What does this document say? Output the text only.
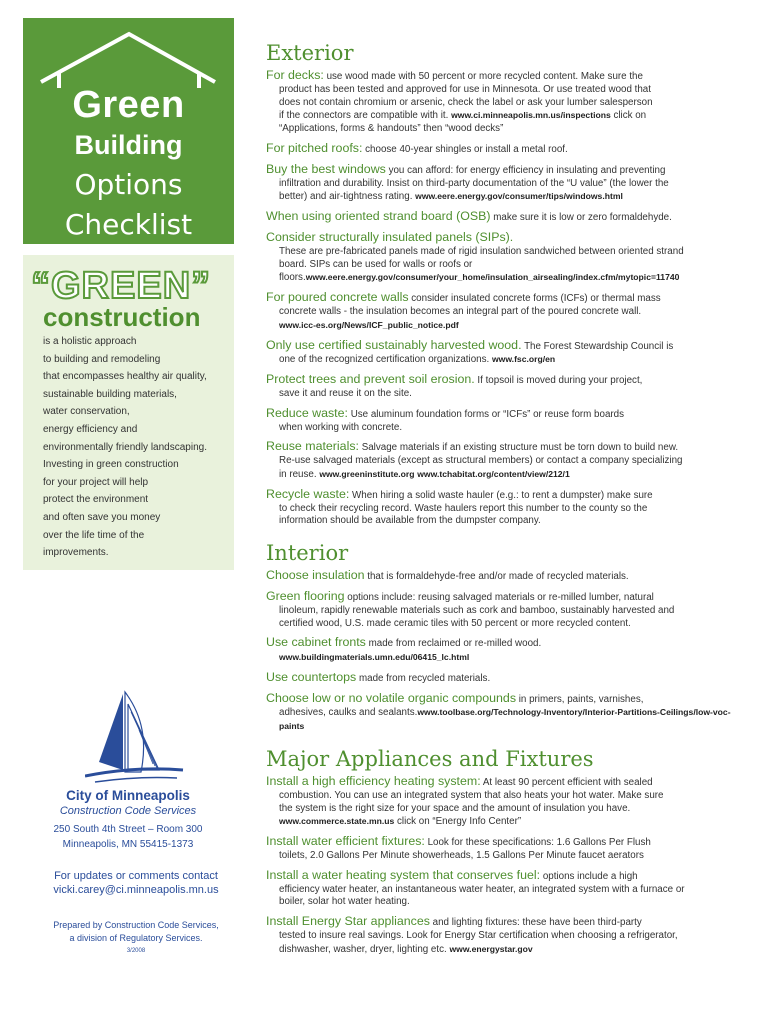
Green
Building
Options
Checklist
“GREEN”
construction
is a holistic approach
to building and remodeling
that encompasses healthy air quality,
sustainable building materials,
water conservation,
energy efficiency and
environmentally friendly landscaping.
Investing in green construction
for your project will help
protect the environment
and often save you money
over the life time of the
improvements.
City of Minneapolis
Construction Code Services
250 South 4th Street – Room 300
Minneapolis, MN 55415-1373
For updates or comments contact
vicki.carey@ci.minneapolis.mn.us
Prepared by Construction Code Services,
a division of Regulatory Services.
3/2008
Exterior
For decks: use wood made with 50 percent or more recycled content. Make sure the
product has been tested and approved for use in Minnesota. Or use treated wood that
does not contain chromium or arsenic, check the label or ask your lumber salesperson
if the connectors are compatible with it. www.ci.minneapolis.mn.us/inspections click on
“Applications, forms & handouts” then “wood decks”
For pitched roofs: choose 40-year shingles or install a metal roof.
Buy the best windows you can afford: for energy efficiency in insulating and preventing
infiltration and durability. Insist on third-party documentation of the “U value” (the lower the
better) and air-tightness rating. www.eere.energy.gov/consumer/tips/windows.html
When using oriented strand board (OSB) make sure it is low or zero formaldehyde.
Consider structurally insulated panels (SIPs).
These are pre-fabricated panels made of rigid insulation sandwiched between oriented strand
board. SIPs can be used for walls or roofs or floors.www.eere.energy.gov/consumer/your_home/insulation_airsealing/index.cfm/mytopic=11740
For poured concrete walls consider insulated concrete forms (ICFs) or thermal mass
concrete walls - the insulation becomes an integral part of the poured concrete wall.
www.icc-es.org/News/ICF_public_notice.pdf
Only use certified sustainably harvested wood. The Forest Stewardship Council is
one of the recognized certification organizations. www.fsc.org/en
Protect trees and prevent soil erosion. If topsoil is moved during your project,
save it and reuse it on the site.
Reduce waste: Use aluminum foundation forms or “ICFs” or reuse form boards
when working with concrete.
Reuse materials: Salvage materials if an existing structure must be torn down to build new.
Re-use salvaged materials (except as structural members) or contact a company specializing
in reuse. www.greeninstitute.org www.tchabitat.org/content/view/212/1
Recycle waste: When hiring a solid waste hauler (e.g.: to rent a dumpster) make sure
to check their recycling record. Waste haulers report this number to the county so the
information should be available from the dumpster company.
Interior
Choose insulation that is formaldehyde-free and/or made of recycled materials.
Green flooring options include: reusing salvaged materials or re-milled lumber, natural
linoleum, rapidly renewable materials such as cork and bamboo, sustainably harvested and
certified wood, U.S. made ceramic tiles with 50 percent or more recycled content.
Use cabinet fronts made from reclaimed or re-milled wood.
www.buildingmaterials.umn.edu/06415_lc.html
Use countertops made from recycled materials.
Choose low or no volatile organic compounds in primers, paints, varnishes,
adhesives, caulks and sealants.www.toolbase.org/Technology-Inventory/Interior-Partitions-Ceilings/low-voc-paints
Major Appliances and Fixtures
Install a high efficiency heating system: At least 90 percent efficient with sealed
combustion. You can use an integrated system that also heats your hot water. Make sure
the system is the right size for your space and the amount of insulation you have.
www.commerce.state.mn.us click on “Energy Info Center”
Install water efficient fixtures: Look for these specifications: 1.6 Gallons Per Flush
toilets, 2.0 Gallons Per Minute showerheads, 1.5 Gallons Per Minute faucet aerators
Install a water heating system that conserves fuel: options include a high
efficiency water heater, an instantaneous water heater, an integrated system with a furnace or
boiler, solar hot water heating.
Install Energy Star appliances and lighting fixtures: these have been third-party
tested to insure real savings. Look for Energy Star certification when choosing a refrigerator,
dishwasher, washer, dryer, lighting etc. www.energystar.gov
